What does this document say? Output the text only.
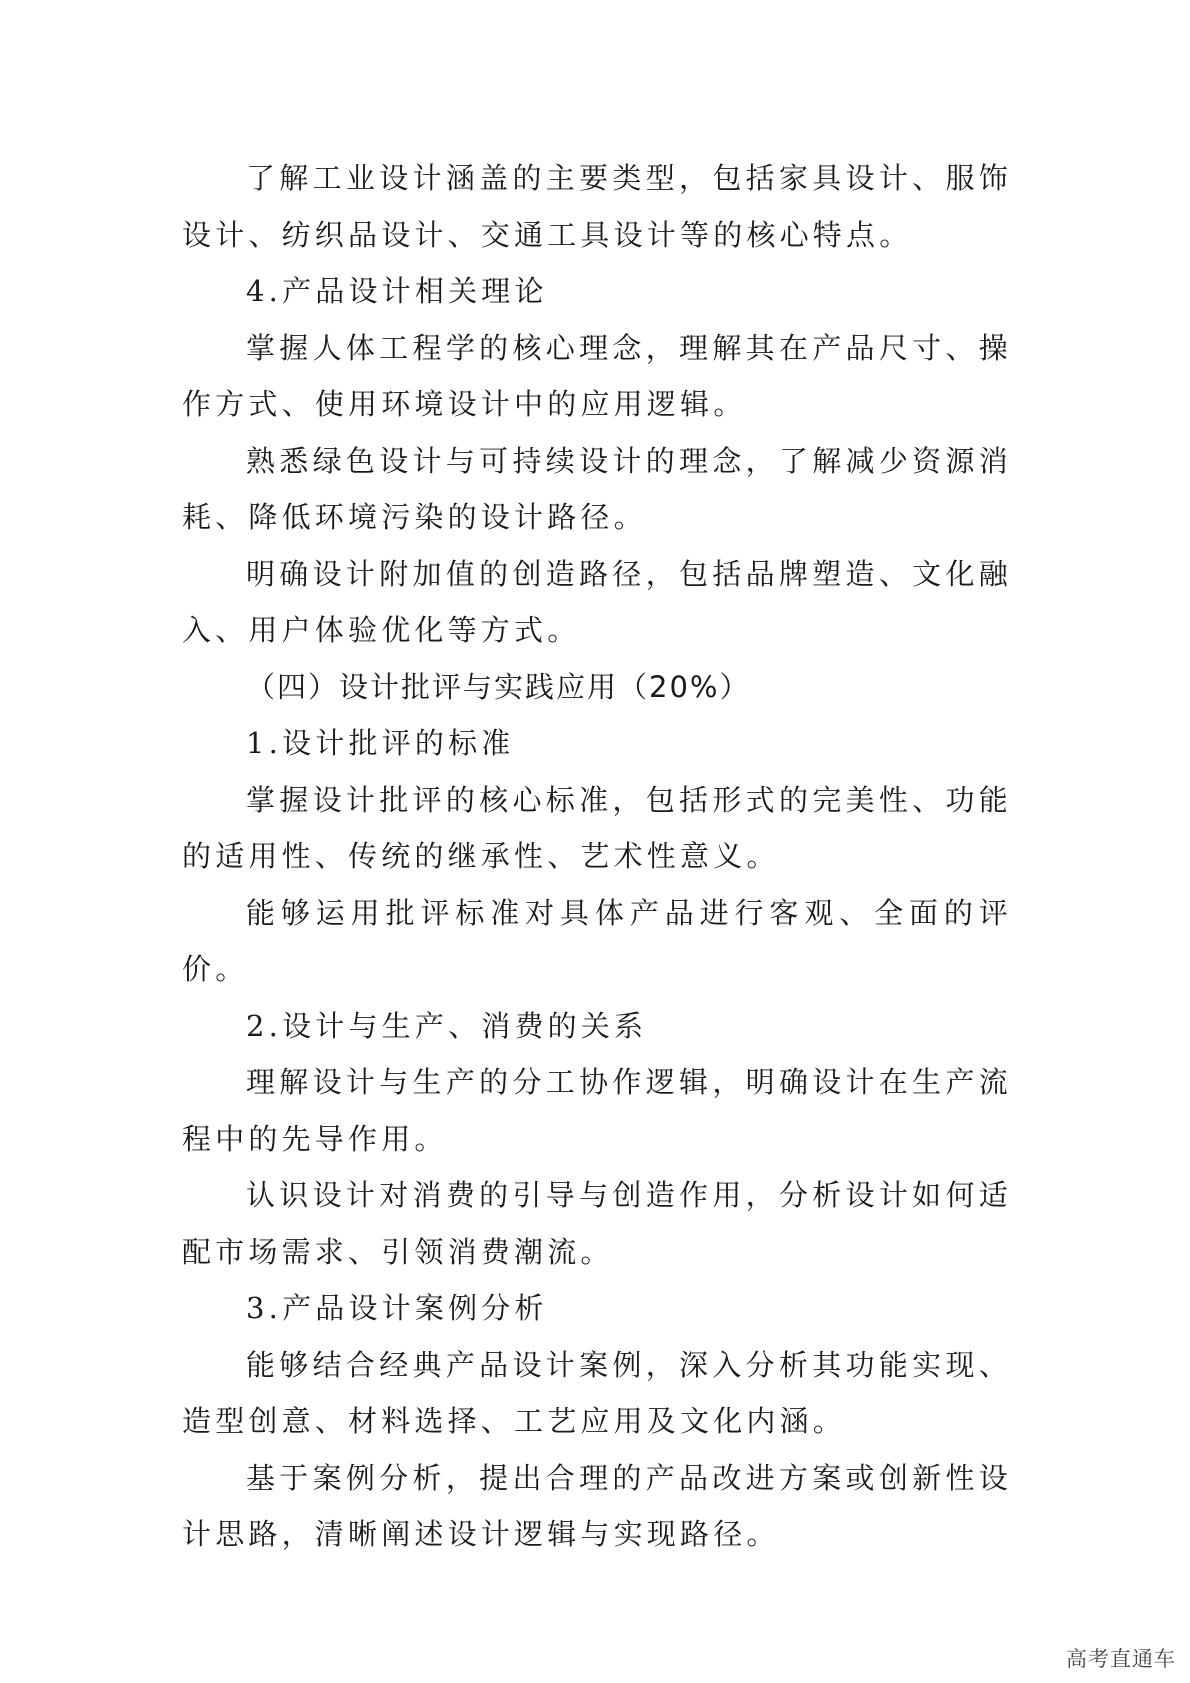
了解工业设计涵盖的主要类型，包括家具设计、服饰设计、纺织品设计、交通工具设计等的核心特点。

4.产品设计相关理论

掌握人体工程学的核心理念，理解其在产品尺寸、操作方式、使用环境设计中的应用逻辑。

熟悉绿色设计与可持续设计的理念，了解减少资源消耗、降低环境污染的设计路径。

明确设计附加值的创造路径，包括品牌塑造、文化融入、用户体验优化等方式。

（四）设计批评与实践应用（20%）

1.设计批评的标准

掌握设计批评的核心标准，包括形式的完美性、功能的适用性、传统的继承性、艺术性意义。

能够运用批评标准对具体产品进行客观、全面的评价。

2.设计与生产、消费的关系

理解设计与生产的分工协作逻辑，明确设计在生产流程中的先导作用。

认识设计对消费的引导与创造作用，分析设计如何适配市场需求、引领消费潮流。

3.产品设计案例分析

能够结合经典产品设计案例，深入分析其功能实现、造型创意、材料选择、工艺应用及文化内涵。

基于案例分析，提出合理的产品改进方案或创新性设计思路，清晰阐述设计逻辑与实现路径。

高考直通车
